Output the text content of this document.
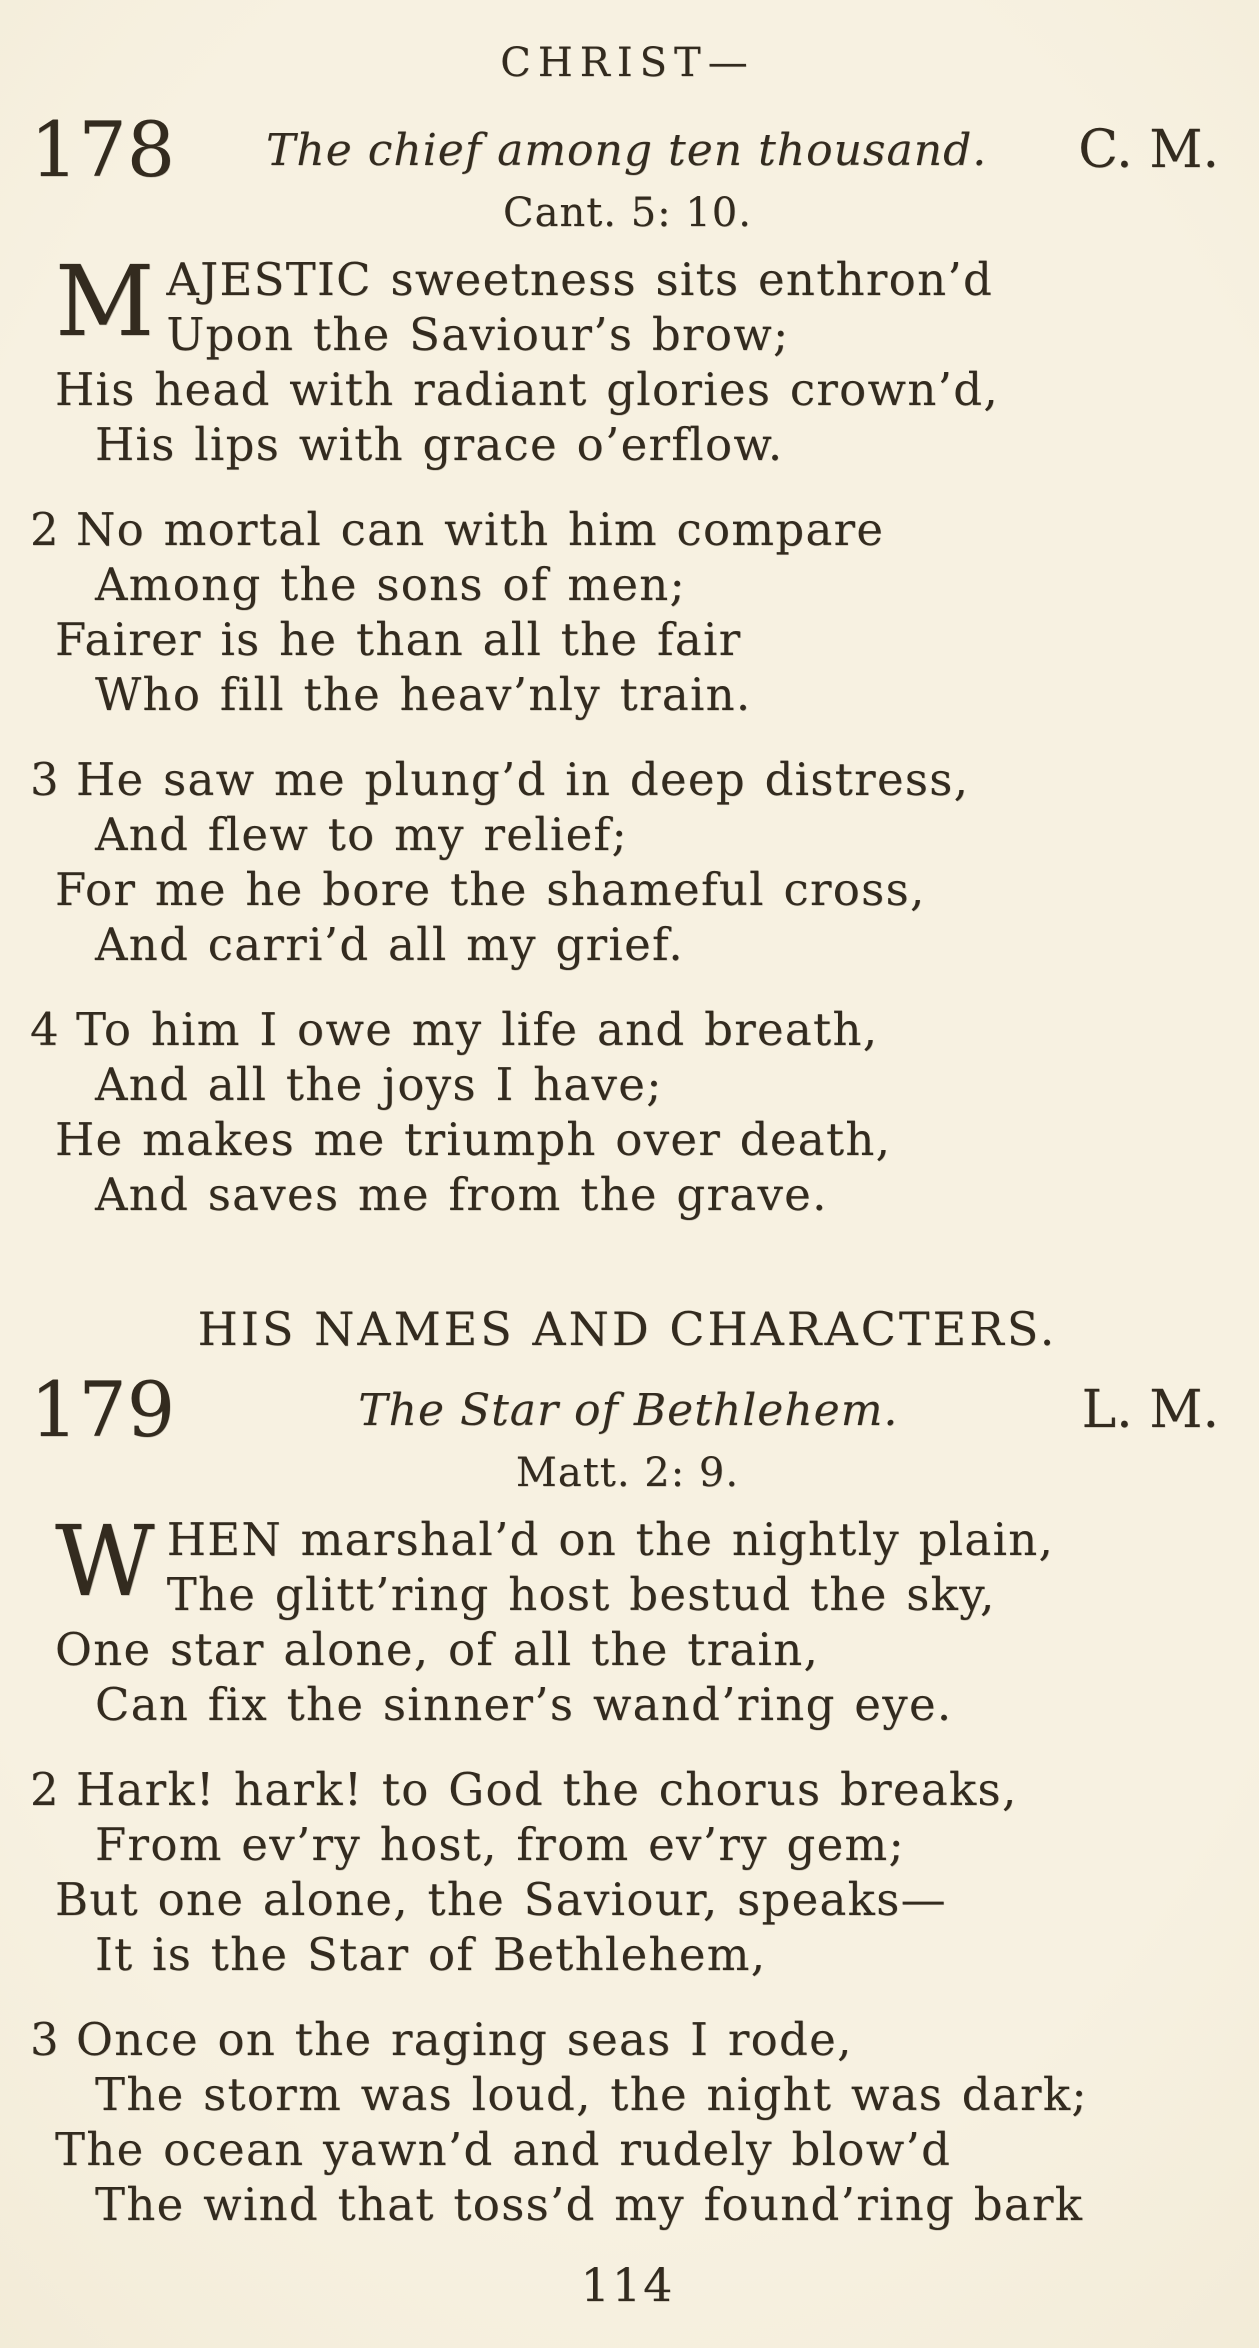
CHRIST—
178	The chief among ten thousand.	C. M.
Cant. 5: 10.
M AJESTIC sweetness sits enthron’d
Upon the Saviour’s brow;
His head with radiant glories crown’d,
His lips with grace o’erflow.
2 No mortal can with him compare
Among the sons of men;
Fairer is he than all the fair
Who fill the heav’nly train.
3 He saw me plung’d in deep distress,
And flew to my relief;
For me he bore the shameful cross,
And carri’d all my grief.
4 To him I owe my life and breath,
And all the joys I have;
He makes me triumph over death,
And saves me from the grave.
HIS NAMES AND CHARACTERS.
179	The Star of Bethlehem.	L. M.
Matt. 2: 9.
W HEN marshal’d on the nightly plain,
The glitt’ring host bestud the sky,
One star alone, of all the train,
Can fix the sinner’s wand’ring eye.
2 Hark! hark! to God the chorus breaks,
From ev’ry host, from ev’ry gem;
But one alone, the Saviour, speaks—
It is the Star of Bethlehem,
3 Once on the raging seas I rode,
The storm was loud, the night was dark;
The ocean yawn’d and rudely blow’d
The wind that toss’d my found’ring bark
114
